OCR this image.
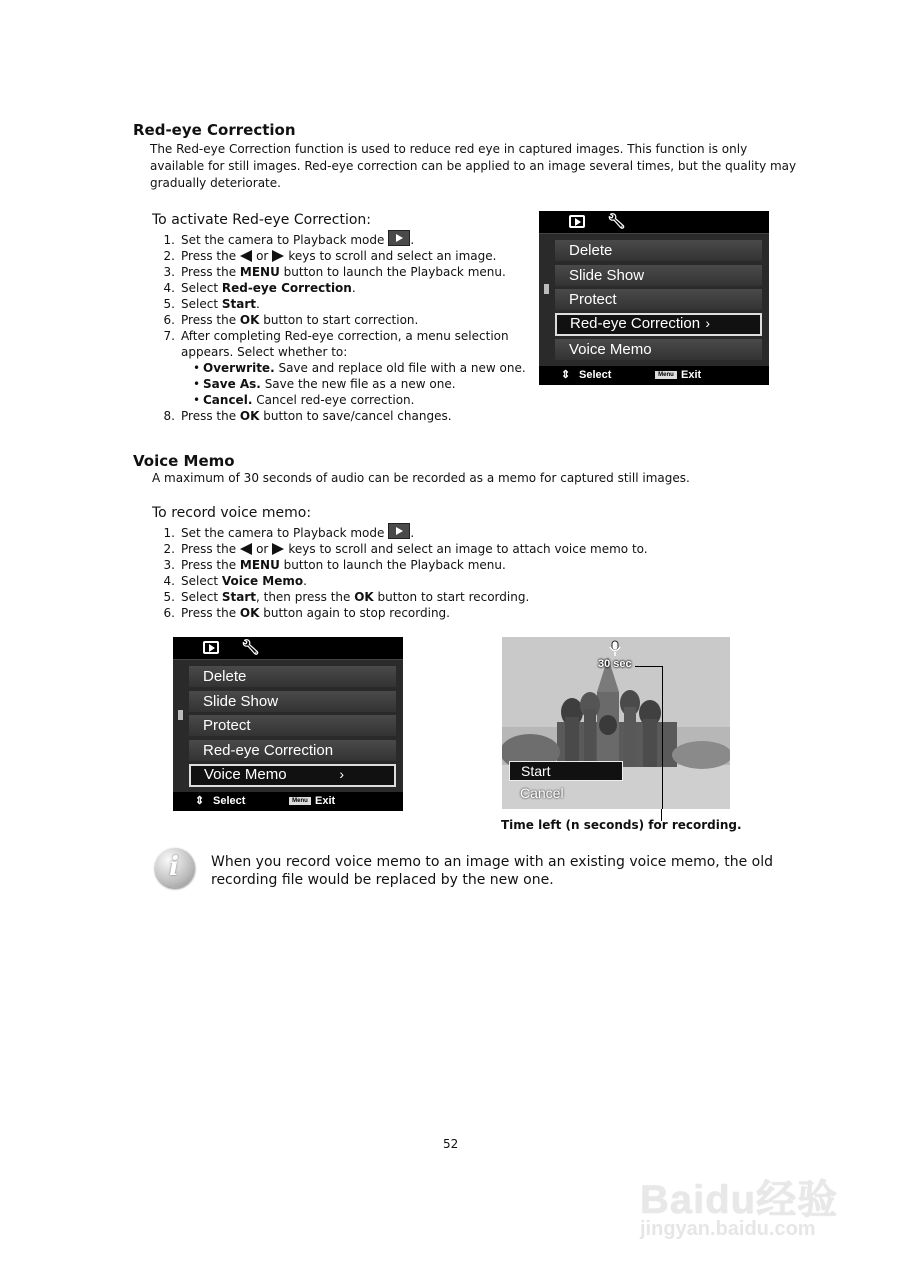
Red-eye Correction
The Red-eye Correction function is used to reduce red eye in captured images. This function is only
available for still images. Red-eye correction can be applied to an image several times, but the quality may
gradually deteriorate.
To activate Red-eye Correction:
1. Set the camera to Playback mode .
2. Press the or keys to scroll and select an image.
3. Press the MENU button to launch the Playback menu.
4. Select Red-eye Correction.
5. Select Start.
6. Press the OK button to start correction.
7. After completing Red-eye correction, a menu selection
appears. Select whether to:
• Overwrite. Save and replace old file with a new one.
• Save As. Save the new file as a new one.
• Cancel. Cancel red-eye correction.
8. Press the OK button to save/cancel changes.
🔧︎
Delete
Slide Show
Protect
Red-eye Correction ›
Voice Memo
⇕ Select	Menu Exit
Voice Memo
A maximum of 30 seconds of audio can be recorded as a memo for captured still images.
To record voice memo:
1. Set the camera to Playback mode .
2. Press the or keys to scroll and select an image to attach voice memo to.
3. Press the MENU button to launch the Playback menu.
4. Select Voice Memo.
5. Select Start, then press the OK button to start recording.
6. Press the OK button again to stop recording.
🔧︎
Delete
Slide Show
Protect
Red-eye Correction
Voice Memo	›
⇕ Select	Menu Exit
30 sec
Start
Cancel
Time left (n seconds) for recording.
i When you record voice memo to an image with an existing voice memo, the old
recording file would be replaced by the new one.
52
Baidu经验
jingyan.baidu.com
